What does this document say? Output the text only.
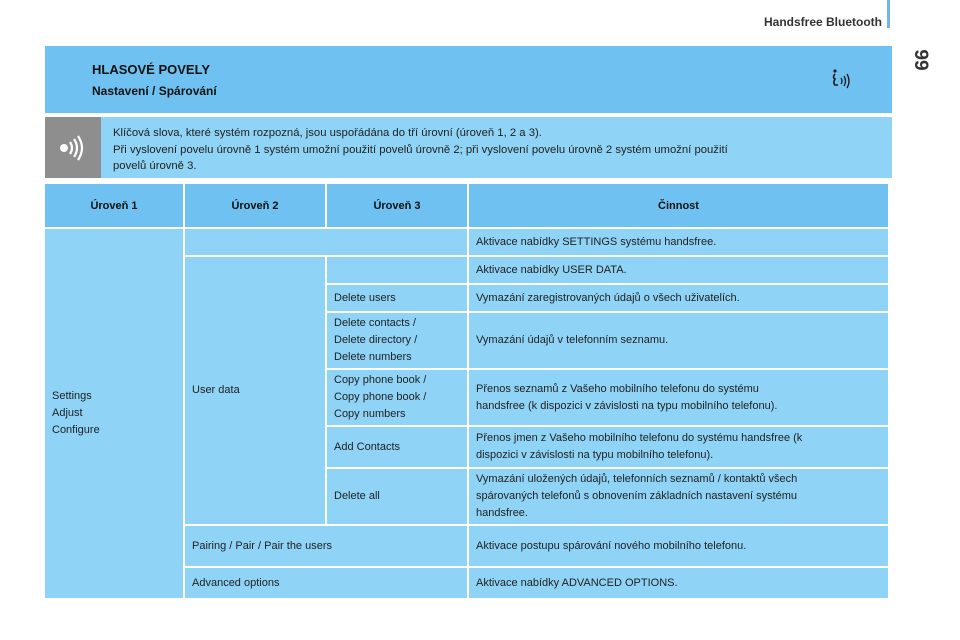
Handsfree Bluetooth
99
HLASOVÉ POVELY
Nastavení / Spárování
Klíčová slova, které systém rozpozná, jsou uspořádána do tří úrovní (úroveň 1, 2 a 3).
Při vyslovení povelu úrovně 1 systém umožní použití povelů úrovně 2; při vyslovení povelu úrovně 2 systém umožní použití
povelů úrovně 3.
Úroveň 1	Úroveň 2	Úroveň 3	Činnost

Settings
Adjust
Configure			Aktivace nabídky SETTINGS systému handsfree.
	User data		Aktivace nabídky USER DATA.

		Delete users	Vymazání zaregistrovaných údajů o všech uživatelích.

		Delete contacts /
Delete directory /
Delete numbers	Vymazání údajů v telefonním seznamu.

		Copy phone book /
Copy phone book /
Copy numbers	Přenos seznamů z Vašeho mobilního telefonu do systému
handsfree (k dispozici v závislosti na typu mobilního telefonu).

		Add Contacts	Přenos jmen z Vašeho mobilního telefonu do systému handsfree (k
dispozici v závislosti na typu mobilního telefonu).

		Delete all	Vymazání uložených údajů, telefonních seznamů / kontaktů všech
spárovaných telefonů s obnovením základních nastavení systému
handsfree.

	Pairing / Pair / Pair the users		Aktivace postupu spárování nového mobilního telefonu.
	Advanced options		Aktivace nabídky ADVANCED OPTIONS.
